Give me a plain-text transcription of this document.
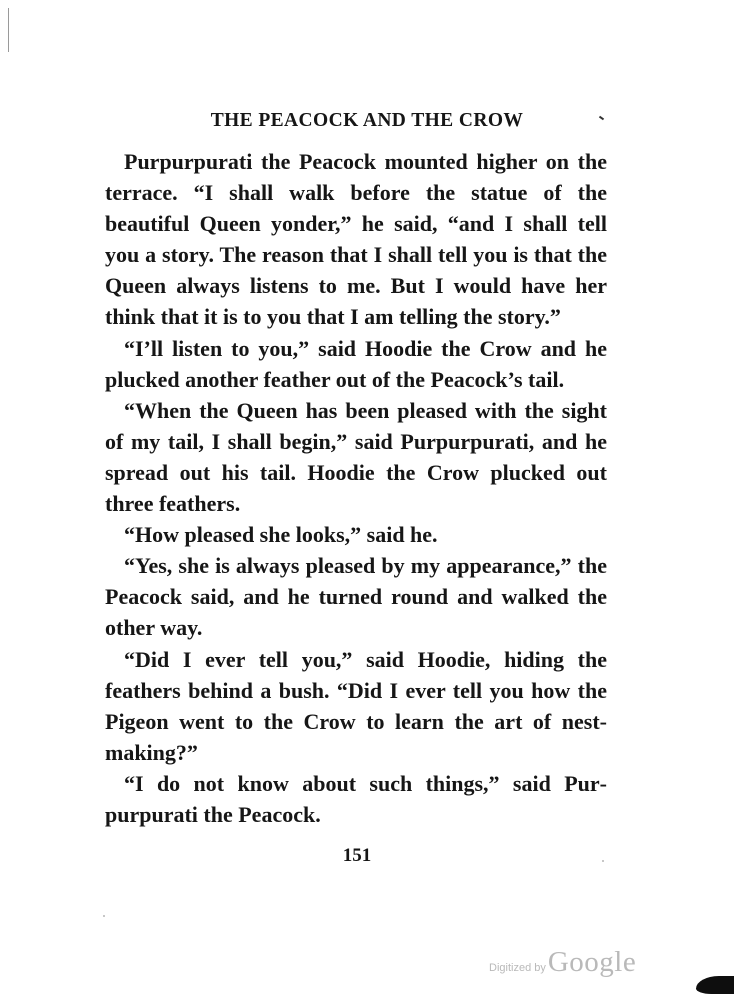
THE PEACOCK AND THE CROW

Purpurpurati the Peacock mounted higher on the terrace. “I shall walk before the statue of the beautiful Queen yonder,” he said, “and I shall tell you a story. The reason that I shall tell you is that the Queen always listens to me. But I would have her think that it is to you that I am telling the story.”

“I’ll listen to you,” said Hoodie the Crow and he plucked another feather out of the Peacock’s tail.

“When the Queen has been pleased with the sight of my tail, I shall begin,” said Purpurpurati, and he spread out his tail. Hoodie the Crow plucked out three feathers.

“How pleased she looks,” said he.

“Yes, she is always pleased by my appearance,” the Peacock said, and he turned round and walked the other way.

“Did I ever tell you,” said Hoodie, hiding the feathers behind a bush. “Did I ever tell you how the Pigeon went to the Crow to learn the art of nest-making?”

“I do not know about such things,” said Purpurpurati the Peacock.

151
Digitized by Google
